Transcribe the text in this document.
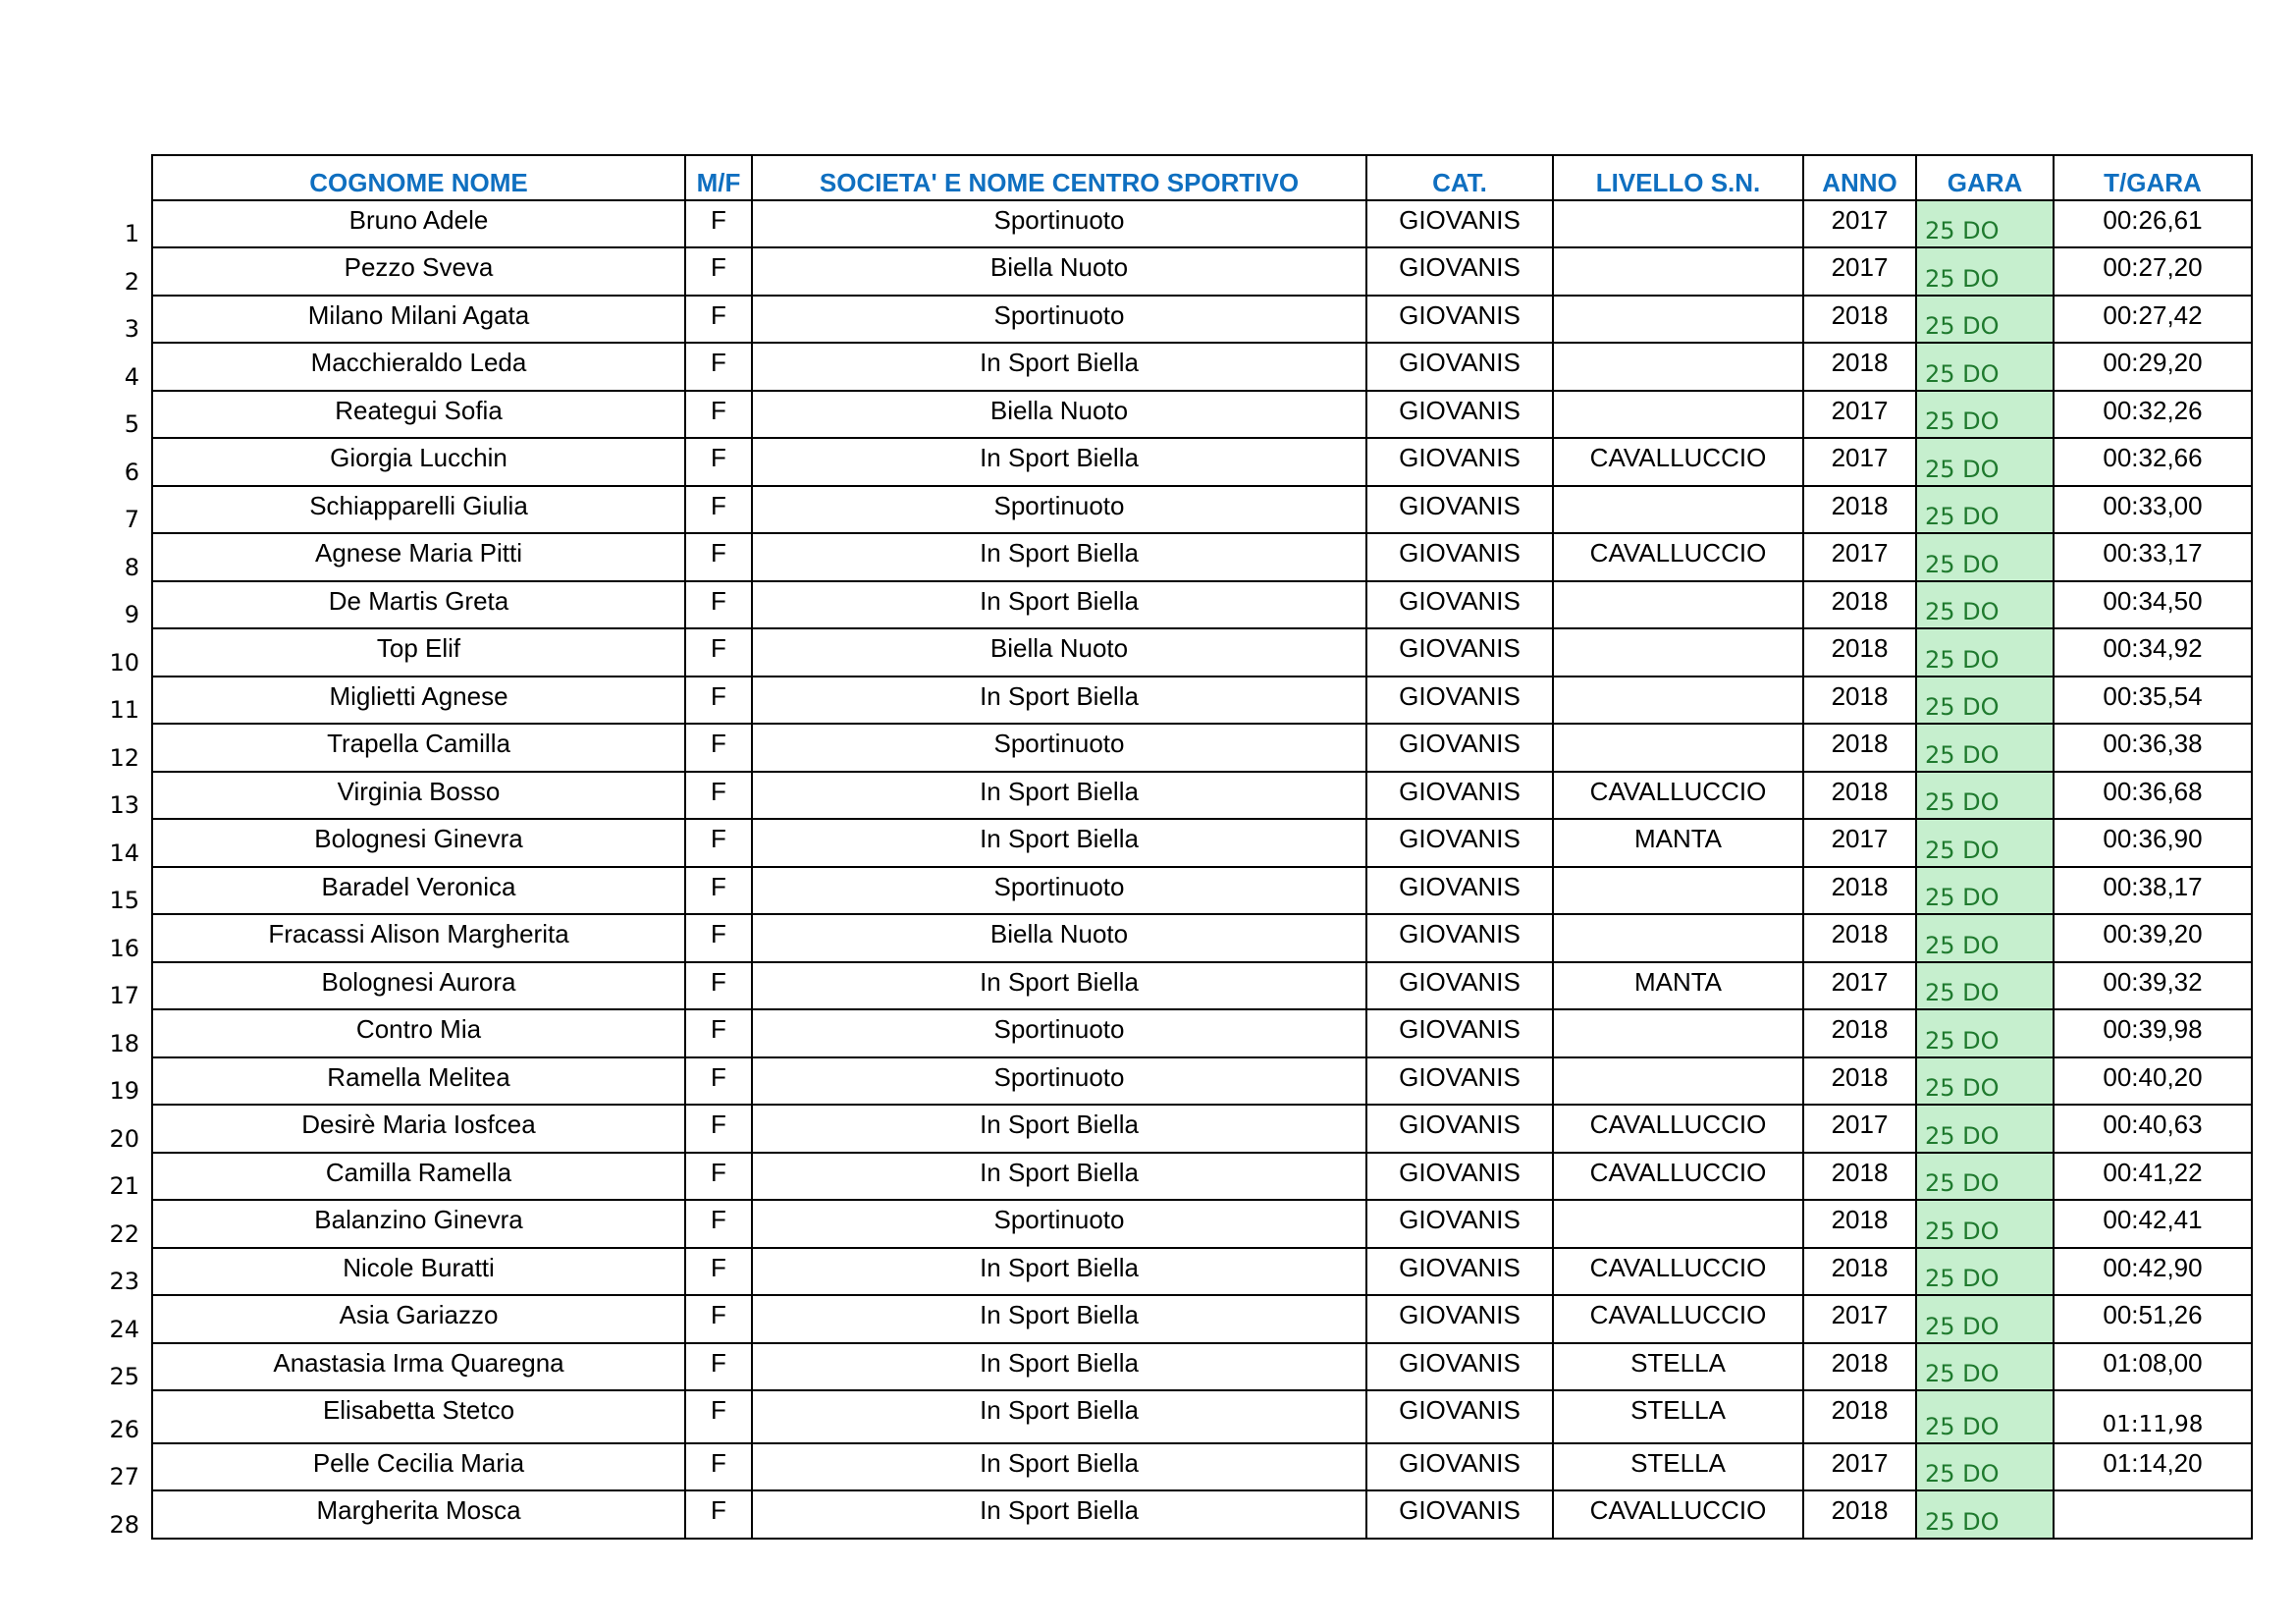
	COGNOME NOME	M/F	SOCIETA' E NOME CENTRO SPORTIVO	CAT.	LIVELLO S.N.	ANNO	GARA	T/GARA
1	Bruno Adele	F	Sportinuoto	GIOVANIS		2017	25 DO	00:26,61
2	Pezzo Sveva	F	Biella Nuoto	GIOVANIS		2017	25 DO	00:27,20
3	Milano Milani Agata	F	Sportinuoto	GIOVANIS		2018	25 DO	00:27,42
4	Macchieraldo Leda	F	In Sport Biella	GIOVANIS		2018	25 DO	00:29,20
5	Reategui Sofia	F	Biella Nuoto	GIOVANIS		2017	25 DO	00:32,26
6	Giorgia Lucchin	F	In Sport Biella	GIOVANIS	CAVALLUCCIO	2017	25 DO	00:32,66
7	Schiapparelli Giulia	F	Sportinuoto	GIOVANIS		2018	25 DO	00:33,00
8	Agnese Maria Pitti	F	In Sport Biella	GIOVANIS	CAVALLUCCIO	2017	25 DO	00:33,17
9	De Martis Greta	F	In Sport Biella	GIOVANIS		2018	25 DO	00:34,50
10	Top Elif	F	Biella Nuoto	GIOVANIS		2018	25 DO	00:34,92
11	Miglietti Agnese	F	In Sport Biella	GIOVANIS		2018	25 DO	00:35,54
12	Trapella Camilla	F	Sportinuoto	GIOVANIS		2018	25 DO	00:36,38
13	Virginia Bosso	F	In Sport Biella	GIOVANIS	CAVALLUCCIO	2018	25 DO	00:36,68
14	Bolognesi Ginevra	F	In Sport Biella	GIOVANIS	MANTA	2017	25 DO	00:36,90
15	Baradel Veronica	F	Sportinuoto	GIOVANIS		2018	25 DO	00:38,17
16	Fracassi Alison Margherita	F	Biella Nuoto	GIOVANIS		2018	25 DO	00:39,20
17	Bolognesi Aurora	F	In Sport Biella	GIOVANIS	MANTA	2017	25 DO	00:39,32
18	Contro Mia	F	Sportinuoto	GIOVANIS		2018	25 DO	00:39,98
19	Ramella Melitea	F	Sportinuoto	GIOVANIS		2018	25 DO	00:40,20
20	Desirè Maria Iosfcea	F	In Sport Biella	GIOVANIS	CAVALLUCCIO	2017	25 DO	00:40,63
21	Camilla Ramella	F	In Sport Biella	GIOVANIS	CAVALLUCCIO	2018	25 DO	00:41,22
22	Balanzino Ginevra	F	Sportinuoto	GIOVANIS		2018	25 DO	00:42,41
23	Nicole Buratti	F	In Sport Biella	GIOVANIS	CAVALLUCCIO	2018	25 DO	00:42,90
24	Asia Gariazzo	F	In Sport Biella	GIOVANIS	CAVALLUCCIO	2017	25 DO	00:51,26
25	Anastasia Irma Quaregna	F	In Sport Biella	GIOVANIS	STELLA	2018	25 DO	01:08,00
26	Elisabetta Stetco	F	In Sport Biella	GIOVANIS	STELLA	2018	25 DO	01:11,98
27	Pelle Cecilia Maria	F	In Sport Biella	GIOVANIS	STELLA	2017	25 DO	01:14,20
28	Margherita Mosca	F	In Sport Biella	GIOVANIS	CAVALLUCCIO	2018	25 DO	
